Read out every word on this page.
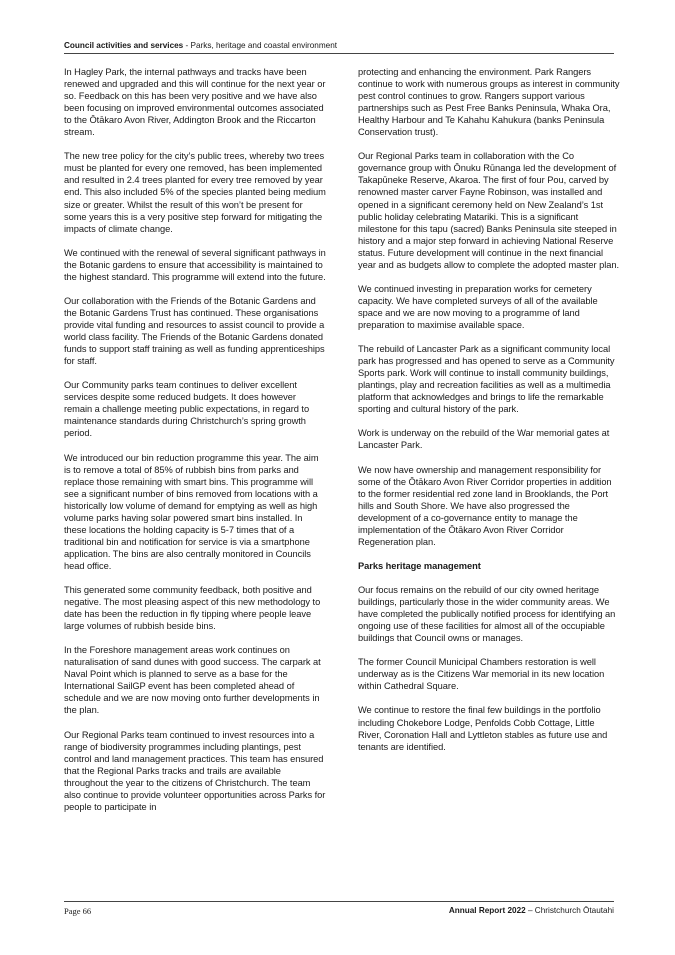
Council activities and services - Parks, heritage and coastal environment

In Hagley Park, the internal pathways and tracks have been renewed and upgraded and this will continue for the next year or so. Feedback on this has been very positive and we have also been focusing on improved environmental outcomes associated to the Ōtākaro Avon River, Addington Brook and the Riccarton stream.

The new tree policy for the city’s public trees, whereby two trees must be planted for every one removed, has been implemented and resulted in 2.4 trees planted for every tree removed by year end. This also included 5% of the species planted being medium size or greater. Whilst the result of this won’t be present for some years this is a very positive step forward for mitigating the impacts of climate change.

We continued with the renewal of several significant pathways in the Botanic gardens to ensure that accessibility is maintained to the highest standard. This programme will extend into the future.

Our collaboration with the Friends of the Botanic Gardens and the Botanic Gardens Trust has continued. These organisations provide vital funding and resources to assist council to provide a world class facility. The Friends of the Botanic Gardens donated funds to support staff training as well as funding apprenticeships for staff.

Our Community parks team continues to deliver excellent services despite some reduced budgets. It does however remain a challenge meeting public expectations, in regard to maintenance standards during Christchurch’s spring growth period.

We introduced our bin reduction programme this year. The aim is to remove a total of 85% of rubbish bins from parks and replace those remaining with smart bins. This programme will see a significant number of bins removed from locations with a historically low volume of demand for emptying as well as high volume parks having solar powered smart bins installed. In these locations the holding capacity is 5-7 times that of a traditional bin and notification for service is via a smartphone application. The bins are also centrally monitored in Councils head office.

This generated some community feedback, both positive and negative. The most pleasing aspect of this new methodology to date has been the reduction in fly tipping where people leave large volumes of rubbish beside bins.

In the Foreshore management areas work continues on naturalisation of sand dunes with good success. The carpark at Naval Point which is planned to serve as a base for the International SailGP event has been completed ahead of schedule and we are now moving onto further developments in the plan.

Our Regional Parks team continued to invest resources into a range of biodiversity programmes including plantings, pest control and land management practices. This team has ensured that the Regional Parks tracks and trails are available throughout the year to the citizens of Christchurch. The team also continue to provide volunteer opportunities across Parks for people to participate in

protecting and enhancing the environment. Park Rangers continue to work with numerous groups as interest in community pest control continues to grow. Rangers support various partnerships such as Pest Free Banks Peninsula, Whaka Ora, Healthy Harbour and Te Kahahu Kahukura (banks Peninsula Conservation trust).

Our Regional Parks team in collaboration with the Co governance group with Ōnuku Rūnanga led the development of Takapūneke Reserve, Akaroa. The first of four Pou, carved by renowned master carver Fayne Robinson, was installed and opened in a significant ceremony held on New Zealand’s 1st public holiday celebrating Matariki. This is a significant milestone for this tapu (sacred) Banks Peninsula site steeped in history and a major step forward in achieving National Reserve status. Future development will continue in the next financial year and as budgets allow to complete the adopted master plan.

We continued investing in preparation works for cemetery capacity. We have completed surveys of all of the available space and we are now moving to a programme of land preparation to maximise available space.

The rebuild of Lancaster Park as a significant community local park has progressed and has opened to serve as a Community Sports park. Work will continue to install community buildings, plantings, play and recreation facilities as well as a multimedia platform that acknowledges and brings to life the remarkable sporting and cultural history of the park.

Work is underway on the rebuild of the War memorial gates at Lancaster Park.

We now have ownership and management responsibility for some of the Ōtākaro Avon River Corridor properties in addition to the former residential red zone land in Brooklands, the Port hills and South Shore. We have also progressed the development of a co-governance entity to manage the implementation of the Ōtākaro Avon River Corridor Regeneration plan.

Parks heritage management

Our focus remains on the rebuild of our city owned heritage buildings, particularly those in the wider community areas. We have completed the publically notified process for identifying an ongoing use of these facilities for almost all of the occupiable buildings that Council owns or manages.

The former Council Municipal Chambers restoration is well underway as is the Citizens War memorial in its new location within Cathedral Square.

We continue to restore the final few buildings in the portfolio including Chokebore Lodge, Penfolds Cobb Cottage, Little River, Coronation Hall and Lyttleton stables as future use and tenants are identified.

Page 66	Annual Report 2022 – Christchurch Ōtautahi
